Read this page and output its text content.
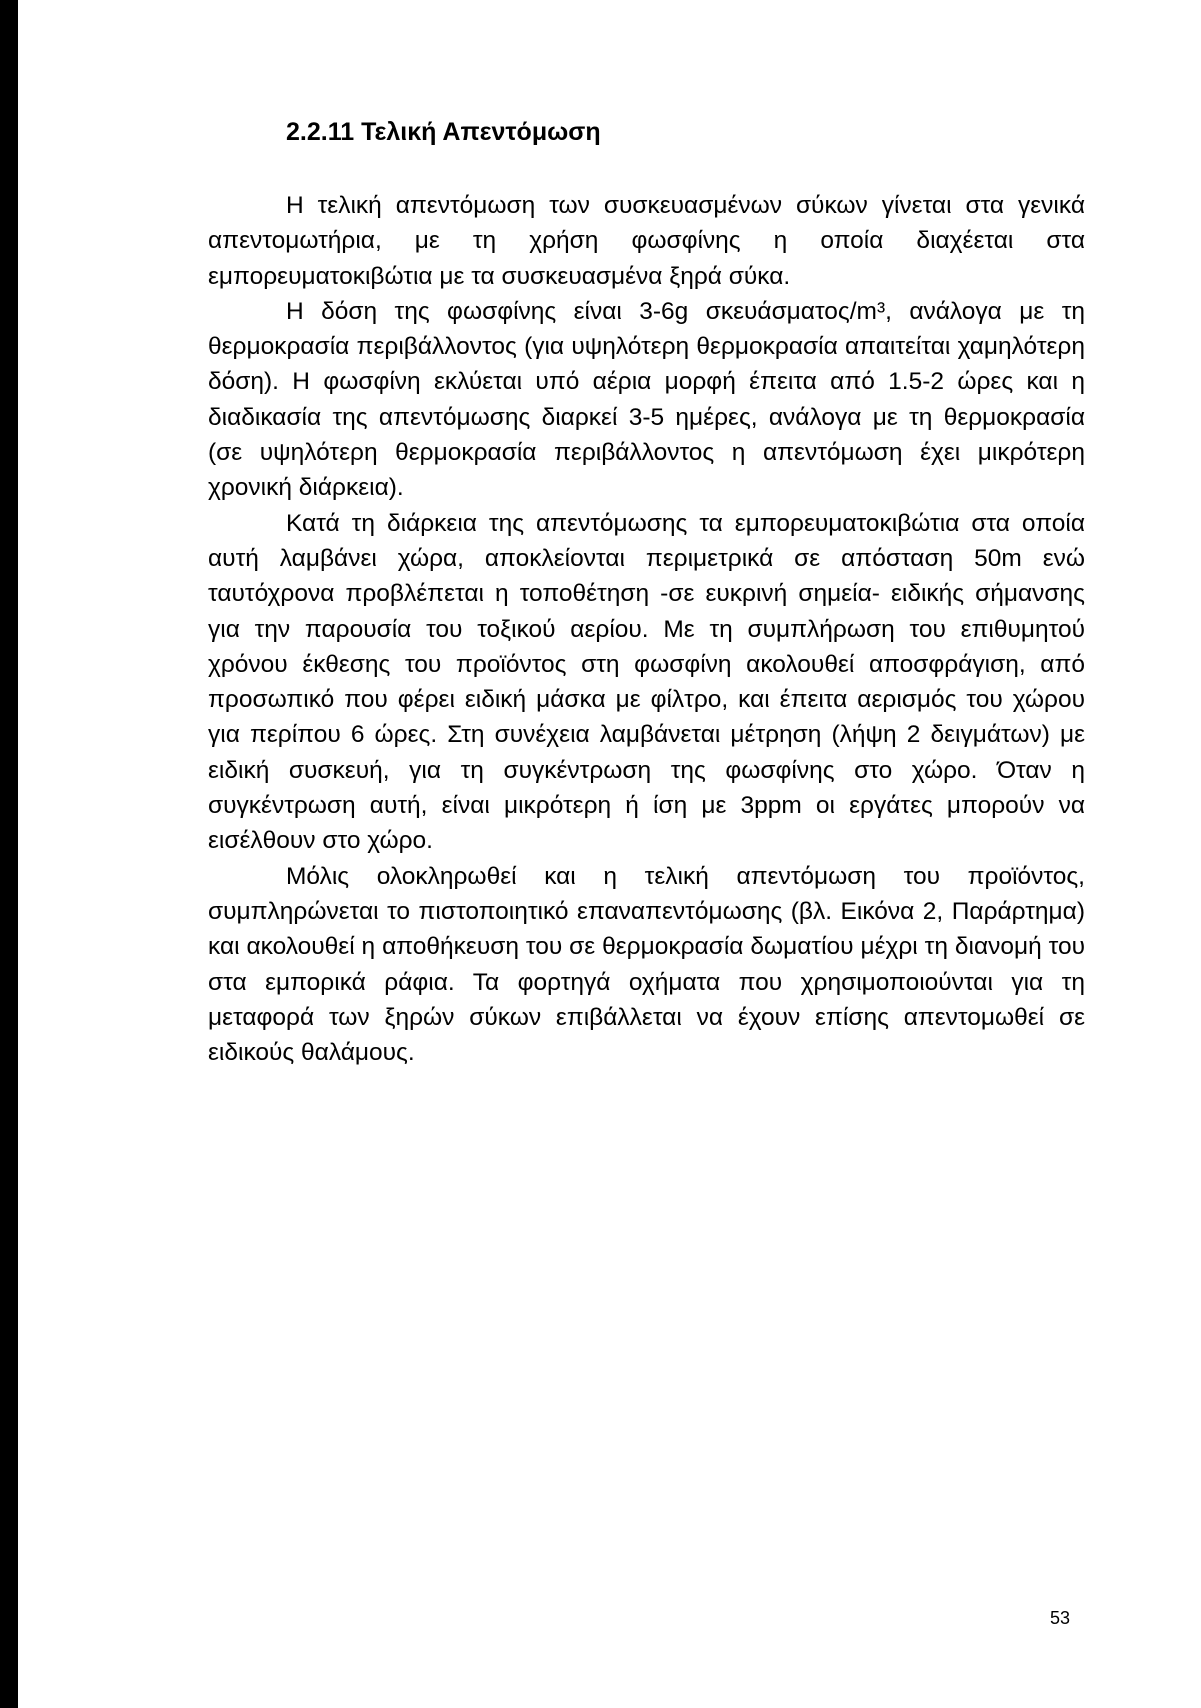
2.2.11 Τελική Απεντόμωση

Η τελική απεντόμωση των συσκευασμένων σύκων γίνεται στα γενικά απεντομωτήρια, με τη χρήση φωσφίνης η οποία διαχέεται στα εμπορευματοκιβώτια με τα συσκευασμένα ξηρά σύκα.

Η δόση της φωσφίνης είναι 3-6g σκευάσματος/m³, ανάλογα με τη θερμοκρασία περιβάλλοντος (για υψηλότερη θερμοκρασία απαιτείται χαμηλότερη δόση). Η φωσφίνη εκλύεται υπό αέρια μορφή έπειτα από 1.5-2 ώρες και η διαδικασία της απεντόμωσης διαρκεί 3-5 ημέρες, ανάλογα με τη θερμοκρασία (σε υψηλότερη θερμοκρασία περιβάλλοντος η απεντόμωση έχει μικρότερη χρονική διάρκεια).

Κατά τη διάρκεια της απεντόμωσης τα εμπορευματοκιβώτια στα οποία αυτή λαμβάνει χώρα, αποκλείονται περιμετρικά σε απόσταση 50m ενώ ταυτόχρονα προβλέπεται η τοποθέτηση -σε ευκρινή σημεία- ειδικής σήμανσης για την παρουσία του τοξικού αερίου. Με τη συμπλήρωση του επιθυμητού χρόνου έκθεσης του προϊόντος στη φωσφίνη ακολουθεί αποσφράγιση, από προσωπικό που φέρει ειδική μάσκα με φίλτρο, και έπειτα αερισμός του χώρου για περίπου 6 ώρες. Στη συνέχεια λαμβάνεται μέτρηση (λήψη 2 δειγμάτων) με ειδική συσκευή, για τη συγκέντρωση της φωσφίνης στο χώρο. Όταν η συγκέντρωση αυτή, είναι μικρότερη ή ίση με 3ppm οι εργάτες μπορούν να εισέλθουν στο χώρο.

Μόλις ολοκληρωθεί και η τελική απεντόμωση του προϊόντος, συμπληρώνεται το πιστοποιητικό επαναπεντόμωσης (βλ. Εικόνα 2, Παράρτημα) και ακολουθεί η αποθήκευση του σε θερμοκρασία δωματίου μέχρι τη διανομή του στα εμπορικά ράφια. Τα φορτηγά οχήματα που χρησιμοποιούνται για τη μεταφορά των ξηρών σύκων επιβάλλεται να έχουν επίσης απεντομωθεί σε ειδικούς θαλάμους.

53
